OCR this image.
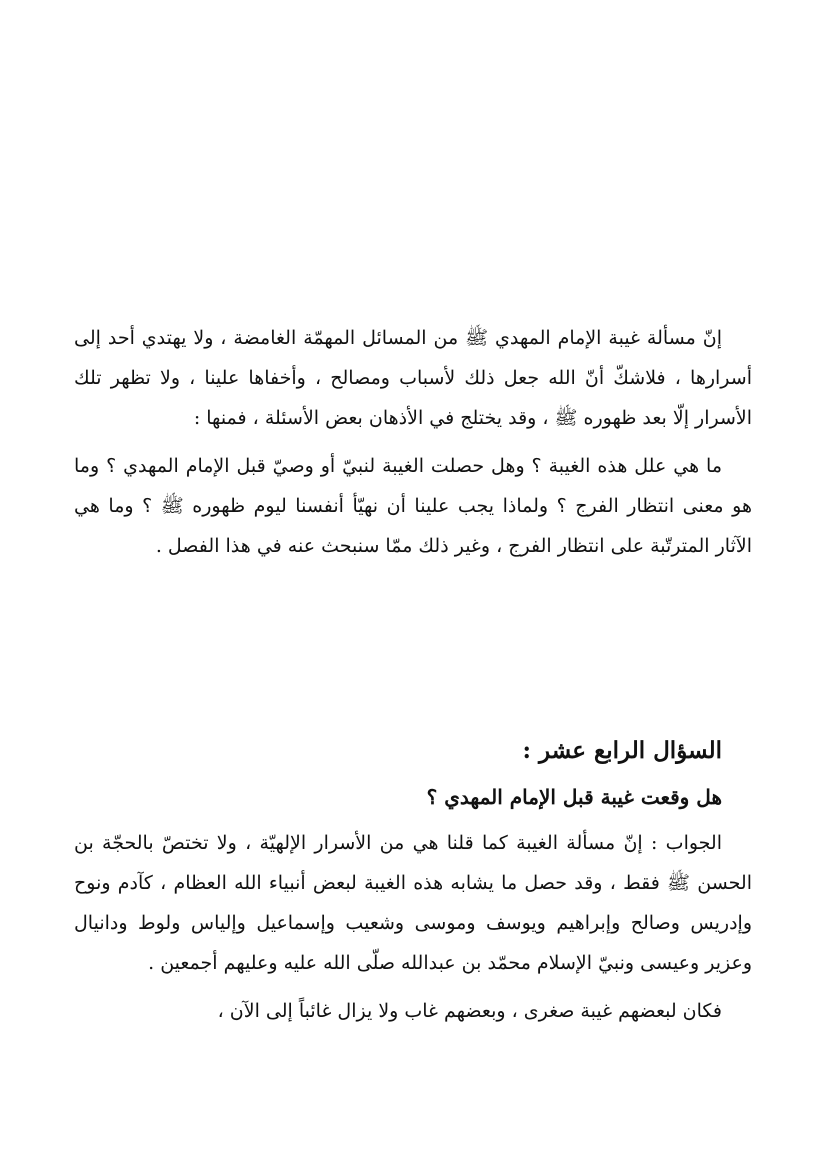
إنّ مسألة غيبة الإمام المهدي ﷺ من المسائل المهمّة الغامضة ، ولا يهتدي أحد إلى أسرارها ، فلاشكّ أنّ الله جعل ذلك لأسباب ومصالح ، وأخفاها علينا ، ولا تظهر تلك الأسرار إلّا بعد ظهوره ﷺ ، وقد يختلج في الأذهان بعض الأسئلة ، فمنها :

ما هي علل هذه الغيبة ؟ وهل حصلت الغيبة لنبيّ أو وصيّ قبل الإمام المهدي ؟ وما هو معنى انتظار الفرج ؟ ولماذا يجب علينا أن نهيّأ أنفسنا ليوم ظهوره ﷺ ؟ وما هي الآثار المترتّبة على انتظار الفرج ، وغير ذلك ممّا سنبحث عنه في هذا الفصل .

السؤال الرابع عشر :
هل وقعت غيبة قبل الإمام المهدي ؟

الجواب : إنّ مسألة الغيبة كما قلنا هي من الأسرار الإلهيّة ، ولا تختصّ بالحجّة بن الحسن ﷺ فقط ، وقد حصل ما يشابه هذه الغيبة لبعض أنبياء الله العظام ، كآدم ونوح وإدريس وصالح وإبراهيم ويوسف وموسى وشعيب وإسماعيل وإلياس ولوط ودانيال وعزير وعيسى ونبيّ الإسلام محمّد بن عبدالله صلّى الله عليه وعليهم أجمعين .

فكان لبعضهم غيبة صغرى ، وبعضهم غاب ولا يزال غائباً إلى الآن ،
